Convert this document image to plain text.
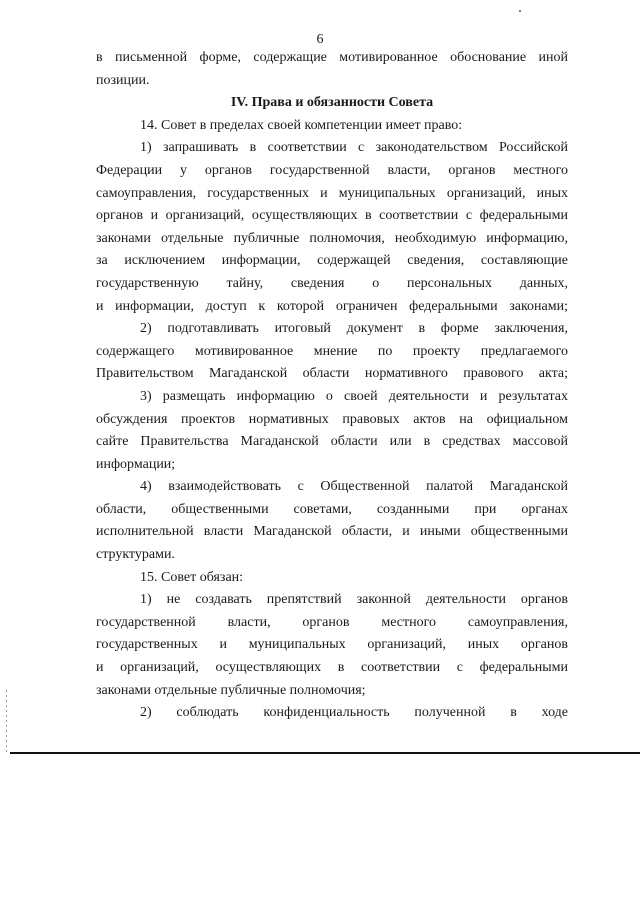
6
в письменной форме, содержащие мотивированное обоснование иной
позиции.
IV. Права и обязанности Совета
14. Совет в пределах своей компетенции имеет право:
1) запрашивать в соответствии с законодательством Российской
Федерации у органов государственной власти, органов местного
самоуправления, государственных и муниципальных организаций, иных
органов и организаций, осуществляющих в соответствии с федеральными
законами отдельные публичные полномочия, необходимую информацию,
за исключением информации, содержащей сведения, составляющие
государственную тайну, сведения о персональных данных,
и информации, доступ к которой ограничен федеральными законами;
2) подготавливать итоговый документ в форме заключения,
содержащего мотивированное мнение по проекту предлагаемого
Правительством Магаданской области нормативного правового акта;
3) размещать информацию о своей деятельности и результатах
обсуждения проектов нормативных правовых актов на официальном
сайте Правительства Магаданской области или в средствах массовой
информации;
4) взаимодействовать с Общественной палатой Магаданской
области, общественными советами, созданными при органах
исполнительной власти Магаданской области, и иными общественными
структурами.
15. Совет обязан:
1) не создавать препятствий законной деятельности органов
государственной власти, органов местного самоуправления,
государственных и муниципальных организаций, иных органов
и организаций, осуществляющих в соответствии с федеральными
законами отдельные публичные полномочия;
2) соблюдать конфиденциальность полученной в ходе
